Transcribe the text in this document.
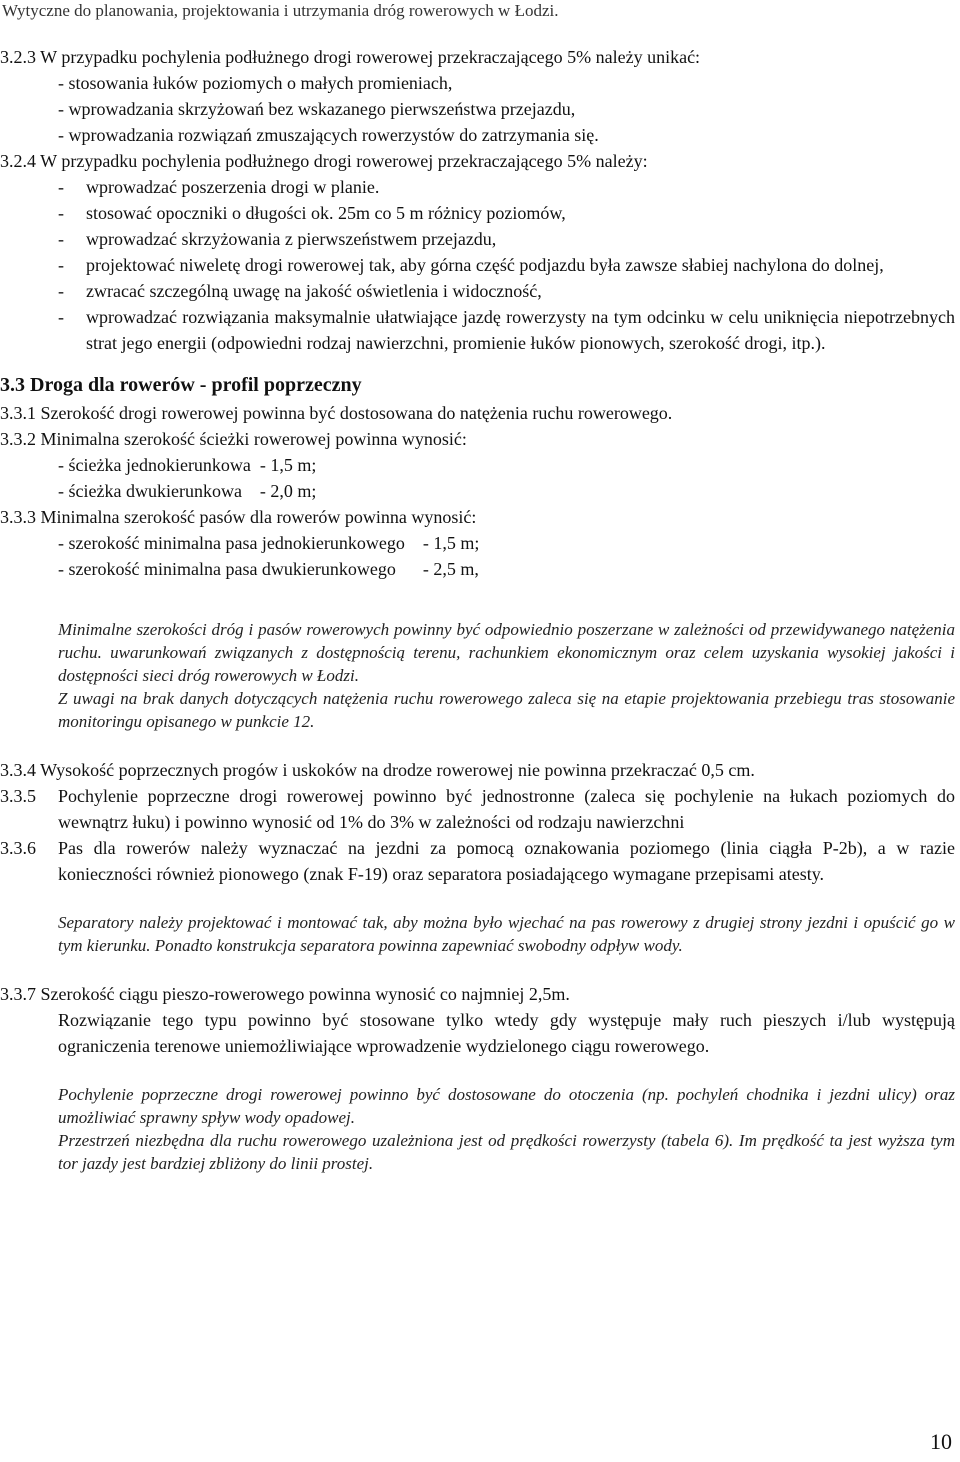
Wytyczne do planowania, projektowania i utrzymania dróg rowerowych w Łodzi.
3.2.3 W przypadku pochylenia podłużnego drogi rowerowej przekraczającego 5% należy unikać:
- stosowania łuków poziomych o małych promieniach,
- wprowadzania skrzyżowań bez wskazanego pierwszeństwa przejazdu,
- wprowadzania rozwiązań zmuszających rowerzystów do zatrzymania się.
3.2.4 W przypadku pochylenia podłużnego drogi rowerowej przekraczającego 5% należy:
- wprowadzać poszerzenia drogi w planie.
- stosować opoczniki o długości ok. 25m co 5 m różnicy poziomów,
- wprowadzać skrzyżowania z pierwszeństwem przejazdu,
- projektować niweletę drogi rowerowej tak, aby górna część podjazdu była zawsze słabiej nachylona do dolnej,
- zwracać szczególną uwagę na jakość oświetlenia i widoczność,
- wprowadzać rozwiązania maksymalnie ułatwiające jazdę rowerzysty na tym odcinku w celu uniknięcia niepotrzebnych strat jego energii (odpowiedni rodzaj nawierzchni, promienie łuków pionowych, szerokość drogi, itp.).
3.3 Droga dla rowerów - profil poprzeczny
3.3.1 Szerokość drogi rowerowej powinna być dostosowana do natężenia ruchu rowerowego.
3.3.2 Minimalna szerokość ścieżki rowerowej powinna wynosić:
- ścieżka jednokierunkowa  - 1,5 m;
- ścieżka dwukierunkowa    - 2,0 m;
3.3.3 Minimalna szerokość pasów dla rowerów powinna wynosić:
- szerokość minimalna pasa jednokierunkowego    - 1,5 m;
- szerokość minimalna pasa dwukierunkowego      - 2,5 m,
Minimalne szerokości dróg i pasów rowerowych powinny być odpowiednio poszerzane w zależności od przewidywanego natężenia ruchu. uwarunkowań związanych z dostępnością terenu, rachunkiem ekonomicznym oraz celem uzyskania wysokiej jakości i dostępności sieci dróg rowerowych w Łodzi.
Z uwagi na brak danych dotyczących natężenia ruchu rowerowego zaleca się na etapie projektowania przebiegu tras stosowanie monitoringu opisanego w punkcie 12.
3.3.4 Wysokość poprzecznych progów i uskoków na drodze rowerowej nie powinna przekraczać 0,5 cm.
3.3.5	Pochylenie poprzeczne drogi rowerowej powinno być jednostronne (zaleca się pochylenie na łukach poziomych do wewnątrz łuku) i powinno wynosić od 1% do 3% w zależności od rodzaju nawierzchni
3.3.6	Pas dla rowerów należy wyznaczać na jezdni za pomocą oznakowania poziomego (linia ciągła P-2b), a w razie konieczności również pionowego (znak F-19) oraz separatora posiadającego wymagane przepisami atesty.
Separatory należy projektować i montować tak, aby można było wjechać na pas rowerowy z drugiej strony jezdni i opuścić go w tym kierunku. Ponadto konstrukcja separatora powinna zapewniać swobodny odpływ wody.
3.3.7 Szerokość ciągu pieszo-rowerowego powinna wynosić co najmniej 2,5m.
Rozwiązanie tego typu powinno być stosowane tylko wtedy gdy występuje mały ruch pieszych i/lub występują ograniczenia terenowe uniemożliwiające wprowadzenie wydzielonego ciągu rowerowego.
Pochylenie poprzeczne drogi rowerowej powinno być dostosowane do otoczenia (np. pochyleń chodnika i jezdni ulicy) oraz umożliwiać sprawny spływ wody opadowej.
Przestrzeń niezbędna dla ruchu rowerowego uzależniona jest od prędkości rowerzysty (tabela 6). Im prędkość ta jest wyższa tym tor jazdy jest bardziej zbliżony do linii prostej.
10
